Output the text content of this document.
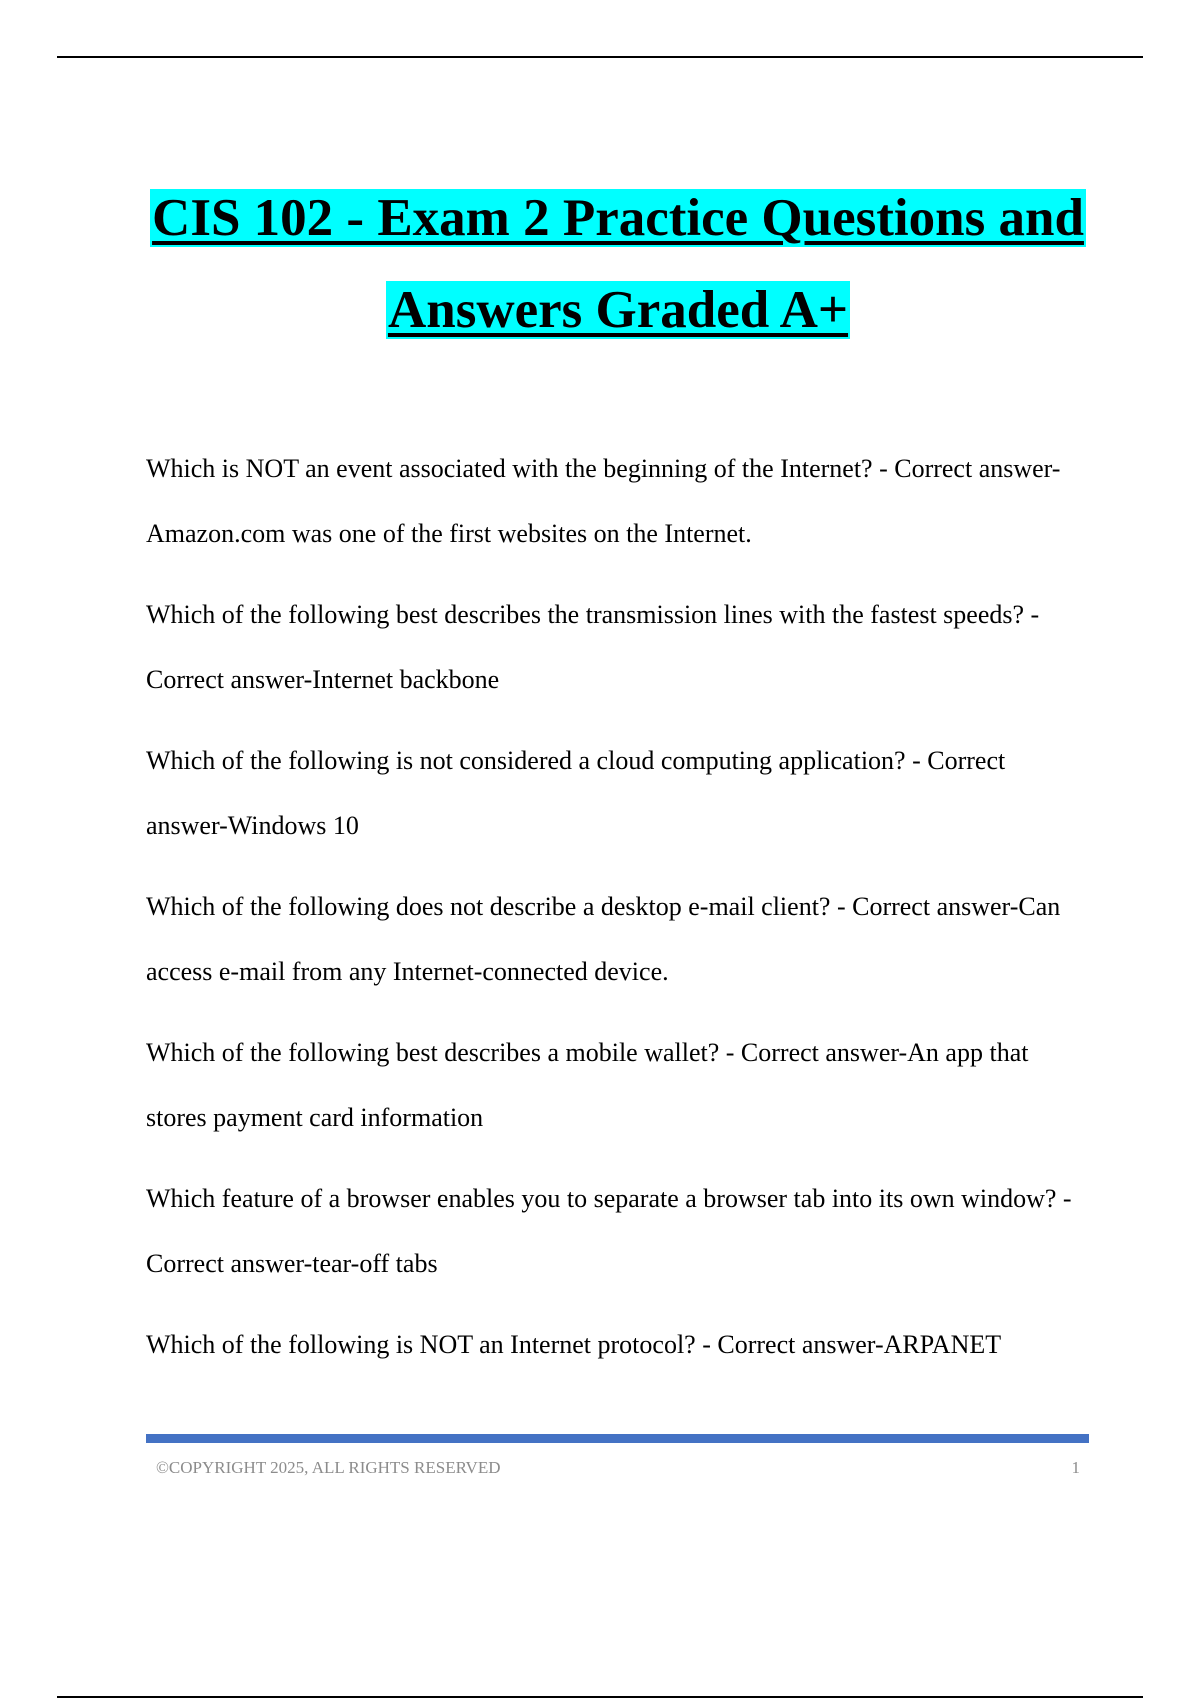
CIS 102 - Exam 2 Practice Questions and
Answers Graded A+

Which is NOT an event associated with the beginning of the Internet? - Correct answer-Amazon.com was one of the first websites on the Internet.

Which of the following best describes the transmission lines with the fastest speeds? - Correct answer-Internet backbone

Which of the following is not considered a cloud computing application? - Correct answer-Windows 10

Which of the following does not describe a desktop e-mail client? - Correct answer-Can access e-mail from any Internet-connected device.

Which of the following best describes a mobile wallet? - Correct answer-An app that stores payment card information

Which feature of a browser enables you to separate a browser tab into its own window? - Correct answer-tear-off tabs

Which of the following is NOT an Internet protocol? - Correct answer-ARPANET

©COPYRIGHT 2025, ALL RIGHTS RESERVED	1
